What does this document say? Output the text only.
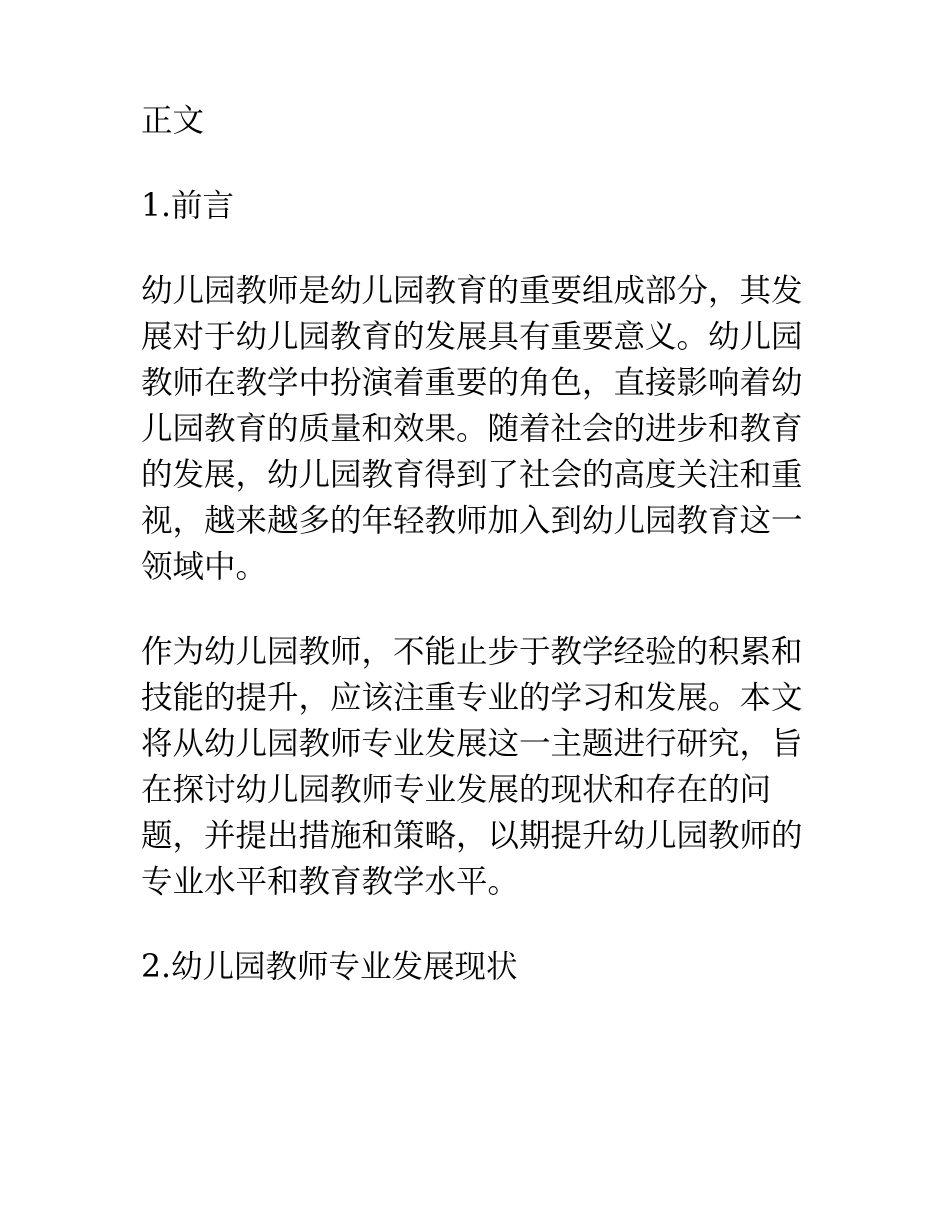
正文
1.前言
幼儿园教师是幼儿园教育的重要组成部分，其发
展对于幼儿园教育的发展具有重要意义。幼儿园
教师在教学中扮演着重要的角色，直接影响着幼
儿园教育的质量和效果。随着社会的进步和教育
的发展，幼儿园教育得到了社会的高度关注和重
视，越来越多的年轻教师加入到幼儿园教育这一
领域中。
作为幼儿园教师，不能止步于教学经验的积累和
技能的提升，应该注重专业的学习和发展。本文
将从幼儿园教师专业发展这一主题进行研究，旨
在探讨幼儿园教师专业发展的现状和存在的问
题，并提出措施和策略，以期提升幼儿园教师的
专业水平和教育教学水平。
2.幼儿园教师专业发展现状
